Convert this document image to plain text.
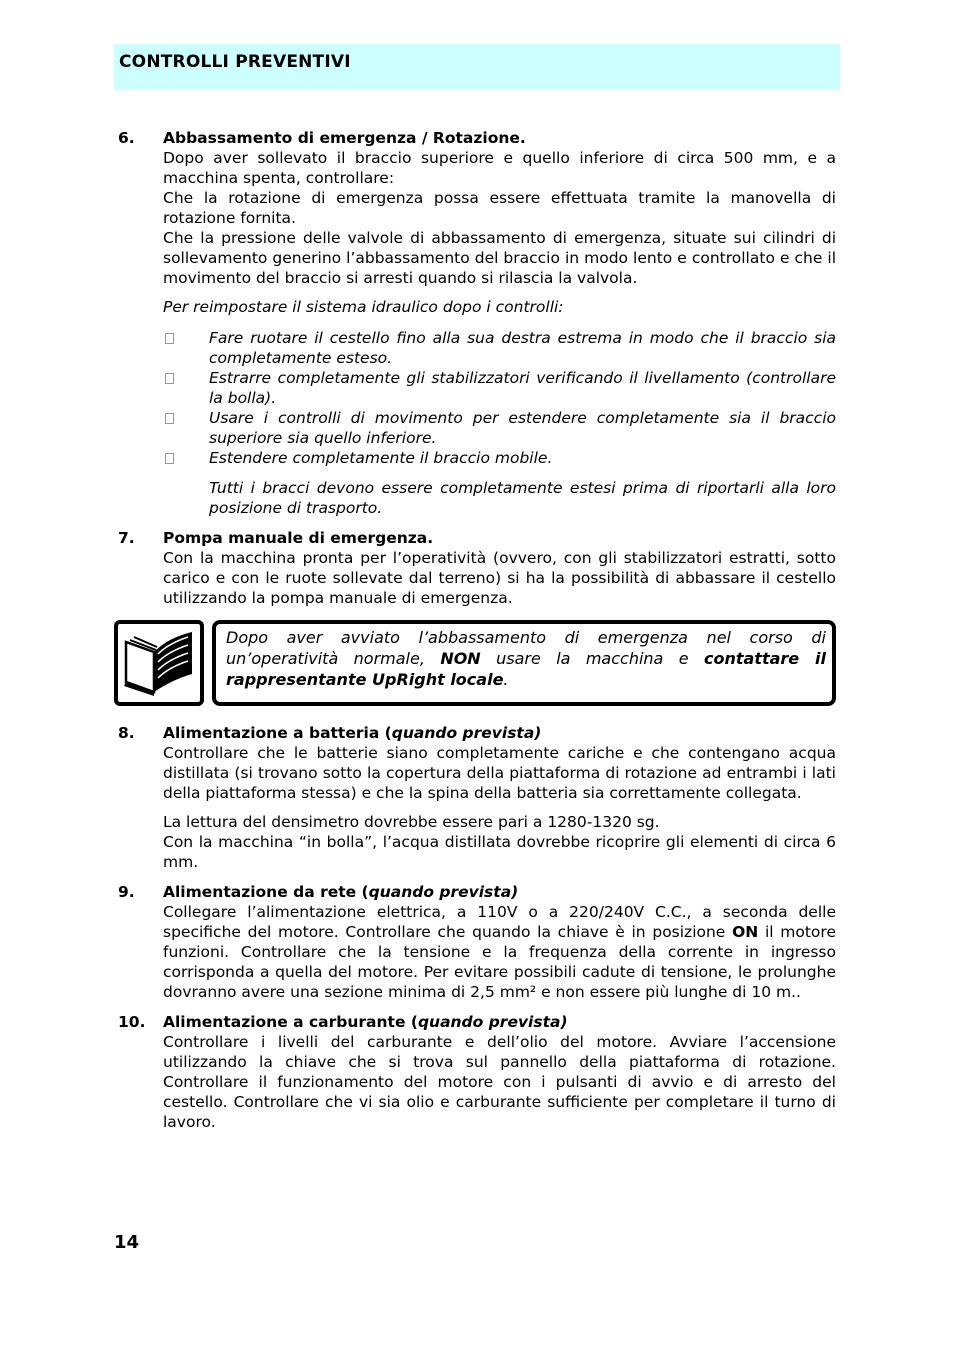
CONTROLLI PREVENTIVI
6.	Abbassamento di emergenza / Rotazione.

Dopo aver sollevato il braccio superiore e quello inferiore di circa 500 mm, e a macchina spenta, controllare:

Che la rotazione di emergenza possa essere effettuata tramite la manovella di rotazione fornita.

Che la pressione delle valvole di abbassamento di emergenza, situate sui cilindri di sollevamento generino l’abbassamento del braccio in modo lento e controllato e che il movimento del braccio si arresti quando si rilascia la valvola.

Per reimpostare il sistema idraulico dopo i controlli:

Fare ruotare il cestello fino alla sua destra estrema in modo che il braccio sia completamente esteso.
Estrarre completamente gli stabilizzatori verificando il livellamento (controllare la bolla).
Usare i controlli di movimento per estendere completamente sia il braccio superiore sia quello inferiore.
Estendere completamente il braccio mobile.

Tutti i bracci devono essere completamente estesi prima di riportarli alla loro posizione di trasporto.

7.	Pompa manuale di emergenza.

Con la macchina pronta per l’operatività (ovvero, con gli stabilizzatori estratti, sotto carico e con le ruote sollevate dal terreno) si ha la possibilità di abbassare il cestello utilizzando la pompa manuale di emergenza.

Dopo aver avviato l’abbassamento di emergenza nel corso di un’operatività normale, NON usare la macchina e contattare il rappresentante UpRight locale.
8.	Alimentazione a batteria (quando prevista)

Controllare che le batterie siano completamente cariche e che contengano acqua distillata (si trovano sotto la copertura della piattaforma di rotazione ad entrambi i lati della piattaforma stessa) e che la spina della batteria sia correttamente collegata.

La lettura del densimetro dovrebbe essere pari a 1280-1320 sg.

Con la macchina “in bolla”, l’acqua distillata dovrebbe ricoprire gli elementi di circa 6 mm.

9.	Alimentazione da rete (quando prevista)

Collegare l’alimentazione elettrica, a 110V o a 220/240V C.C., a seconda delle specifiche del motore. Controllare che quando la chiave è in posizione ON il motore funzioni. Controllare che la tensione e la frequenza della corrente in ingresso corrisponda a quella del motore. Per evitare possibili cadute di tensione, le prolunghe dovranno avere una sezione minima di 2,5 mm² e non essere più lunghe di 10 m..

10.	Alimentazione a carburante (quando prevista)

Controllare i livelli del carburante e dell’olio del motore. Avviare l’accensione utilizzando la chiave che si trova sul pannello della piattaforma di rotazione. Controllare il funzionamento del motore con i pulsanti di avvio e di arresto del cestello. Controllare che vi sia olio e carburante sufficiente per completare il turno di lavoro.

14
